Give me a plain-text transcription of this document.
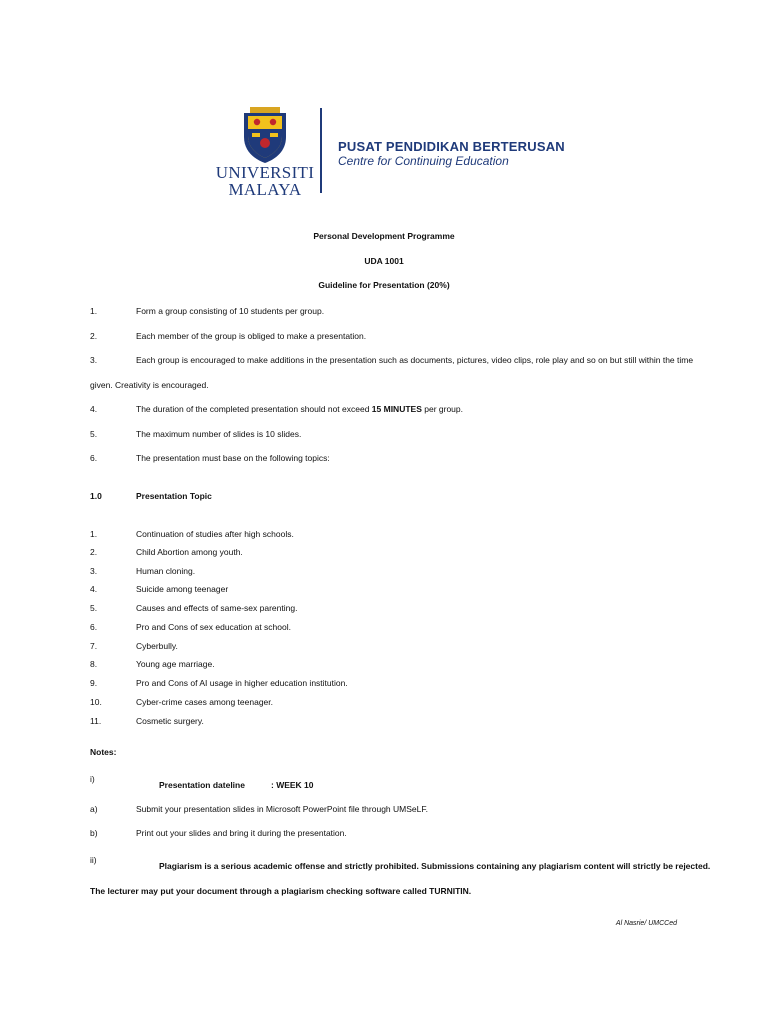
UNIVERSITI
MALAYA
PUSAT PENDIDIKAN BERTERUSAN
Centre for Continuing Education
Personal Development Programme
UDA 1001
Guideline for Presentation (20%)
1.	Form a group consisting of 10 students per group.
2.	Each member of the group is obliged to make a presentation.
3.	Each group is encouraged to make additions in the presentation such as documents, pictures, video clips, role play and so on but still within the time
given. Creativity is encouraged.
4.	The duration of the completed presentation should not exceed 15 MINUTES per group.
5.	The maximum number of slides is 10 slides.
6.	The presentation must base on the following topics:
1.0	Presentation Topic
1.	Continuation of studies after high schools.
2.	Child Abortion among youth.
3.	Human cloning.
4.	Suicide among teenager
5.	Causes and effects of same-sex parenting.
6.	Pro and Cons of sex education at school.
7.	Cyberbully.
8.	Young age marriage.
9.	Pro and Cons of AI usage in higher education institution.
10.	Cyber-crime cases among teenager.
11.	Cosmetic surgery.
Notes:
i)
Presentation dateline	: WEEK 10
a)	Submit your presentation slides in Microsoft PowerPoint file through UMSeLF.
b)	Print out your slides and bring it during the presentation.
ii)
Plagiarism is a serious academic offense and strictly prohibited. Submissions containing any plagiarism content will strictly be rejected.
The lecturer may put your document through a plagiarism checking software called TURNITIN.
Al Nasrie/ UMCCed
